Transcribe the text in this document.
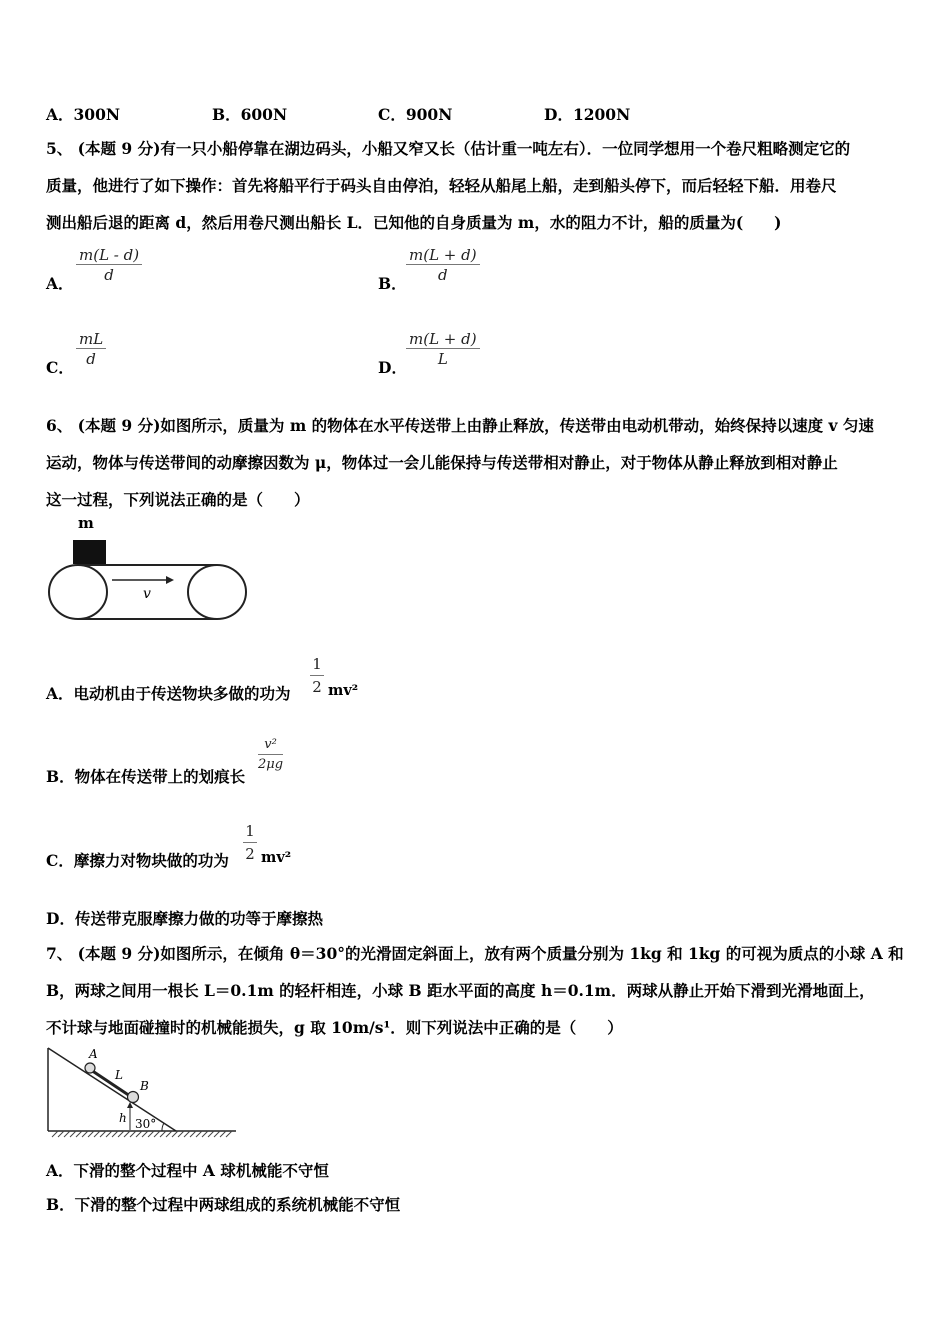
A．300N	B．600N	C．900N	D．1200N
5、 (本题 9 分)有一只小船停靠在湖边码头，小船又窄又长（估计重一吨左右）．一位同学想用一个卷尺粗略测定它的
质量，他进行了如下操作：首先将船平行于码头自由停泊，轻轻从船尾上船，走到船头停下，而后轻轻下船．用卷尺
测出船后退的距离 d，然后用卷尺测出船长 L．已知他的自身质量为 m，水的阻力不计，船的质量为(　　)
A．
m(L - d)
d	B．
m(L + d)
d
C．
mL
d	D．
m(L + d)
L
6、 (本题 9 分)如图所示，质量为 m 的物体在水平传送带上由静止释放，传送带由电动机带动，始终保持以速度 v 匀速
运动，物体与传送带间的动摩擦因数为 μ，物体过一会儿能保持与传送带相对静止，对于物体从静止释放到相对静止
这一过程，下列说法正确的是（　　）
m
v
A．电动机由于传送物块多做的功为
1
2 mv²
B．物体在传送带上的划痕长
v²
2μg
C．摩擦力对物块做的功为
1
2 mv²
D．传送带克服摩擦力做的功等于摩擦热
7、 (本题 9 分)如图所示，在倾角 θ＝30°的光滑固定斜面上，放有两个质量分别为 1kg 和 1kg 的可视为质点的小球 A 和
B，两球之间用一根长 L＝0.1m 的轻杆相连，小球 B 距水平面的高度 h＝0.1m．两球从静止开始下滑到光滑地面上，
不计球与地面碰撞时的机械能损失，g 取 10m/s¹．则下列说法中正确的是（　　）
A
B
L
h 30°
A．下滑的整个过程中 A 球机械能不守恒
B．下滑的整个过程中两球组成的系统机械能不守恒
